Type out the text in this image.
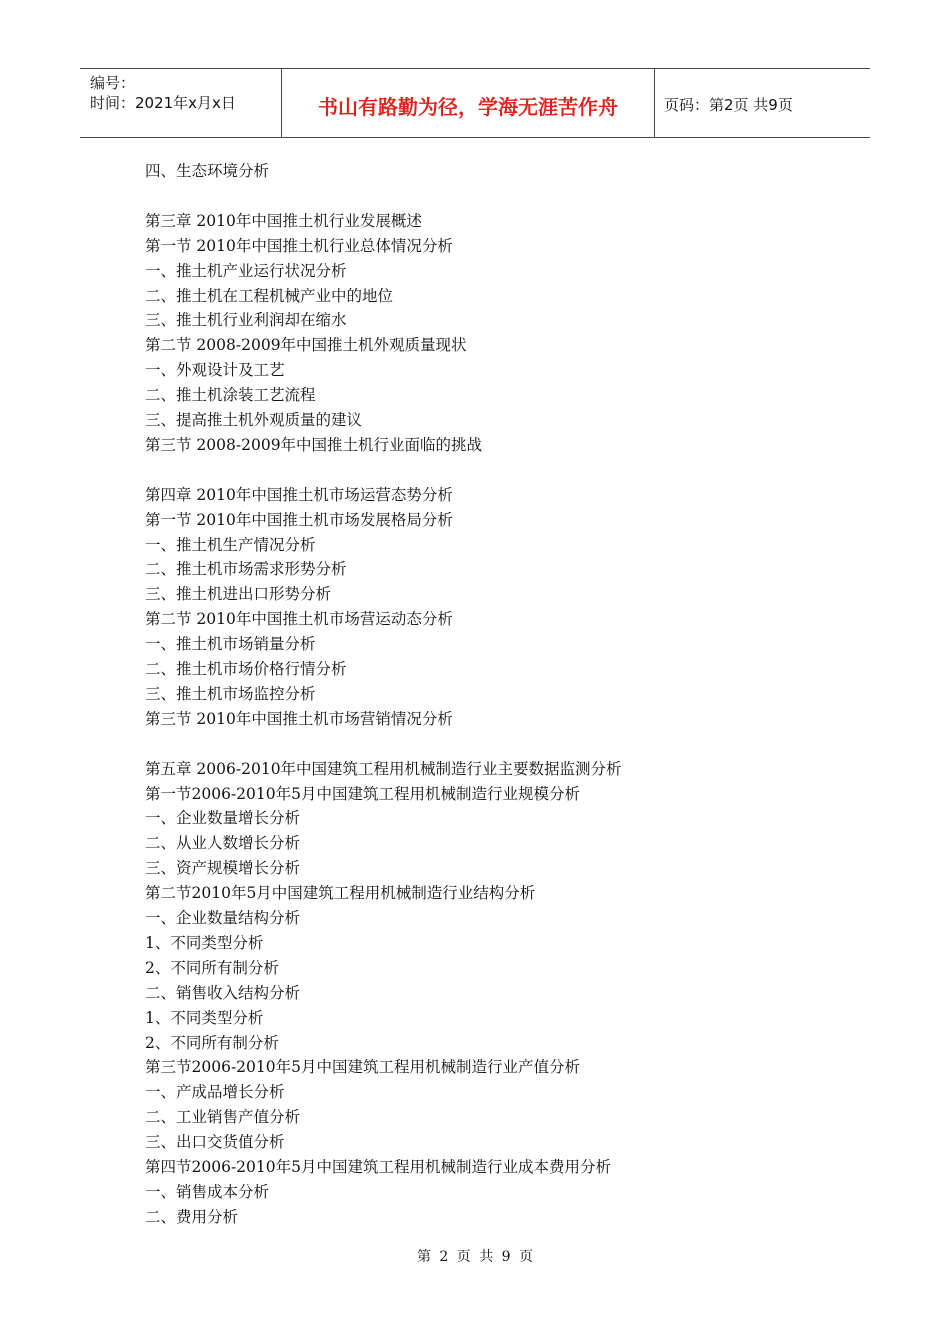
编号：
时间：2021年x月x日	书山有路勤为径，学海无涯苦作舟	页码：第2页 共9页
四、生态环境分析
第三章 2010年中国推土机行业发展概述
第一节 2010年中国推土机行业总体情况分析
一、推土机产业运行状况分析
二、推土机在工程机械产业中的地位
三、推土机行业利润却在缩水
第二节 2008-2009年中国推土机外观质量现状
一、外观设计及工艺
二、推土机涂装工艺流程
三、提高推土机外观质量的建议
第三节 2008-2009年中国推土机行业面临的挑战
第四章 2010年中国推土机市场运营态势分析
第一节 2010年中国推土机市场发展格局分析
一、推土机生产情况分析
二、推土机市场需求形势分析
三、推土机进出口形势分析
第二节 2010年中国推土机市场营运动态分析
一、推土机市场销量分析
二、推土机市场价格行情分析
三、推土机市场监控分析
第三节 2010年中国推土机市场营销情况分析
第五章 2006-2010年中国建筑工程用机械制造行业主要数据监测分析
第一节2006-2010年5月中国建筑工程用机械制造行业规模分析
一、企业数量增长分析
二、从业人数增长分析
三、资产规模增长分析
第二节2010年5月中国建筑工程用机械制造行业结构分析
一、企业数量结构分析
1、不同类型分析
2、不同所有制分析
二、销售收入结构分析
1、不同类型分析
2、不同所有制分析
第三节2006-2010年5月中国建筑工程用机械制造行业产值分析
一、产成品增长分析
二、工业销售产值分析
三、出口交货值分析
第四节2006-2010年5月中国建筑工程用机械制造行业成本费用分析
一、销售成本分析
二、费用分析
第 2 页 共 9 页
